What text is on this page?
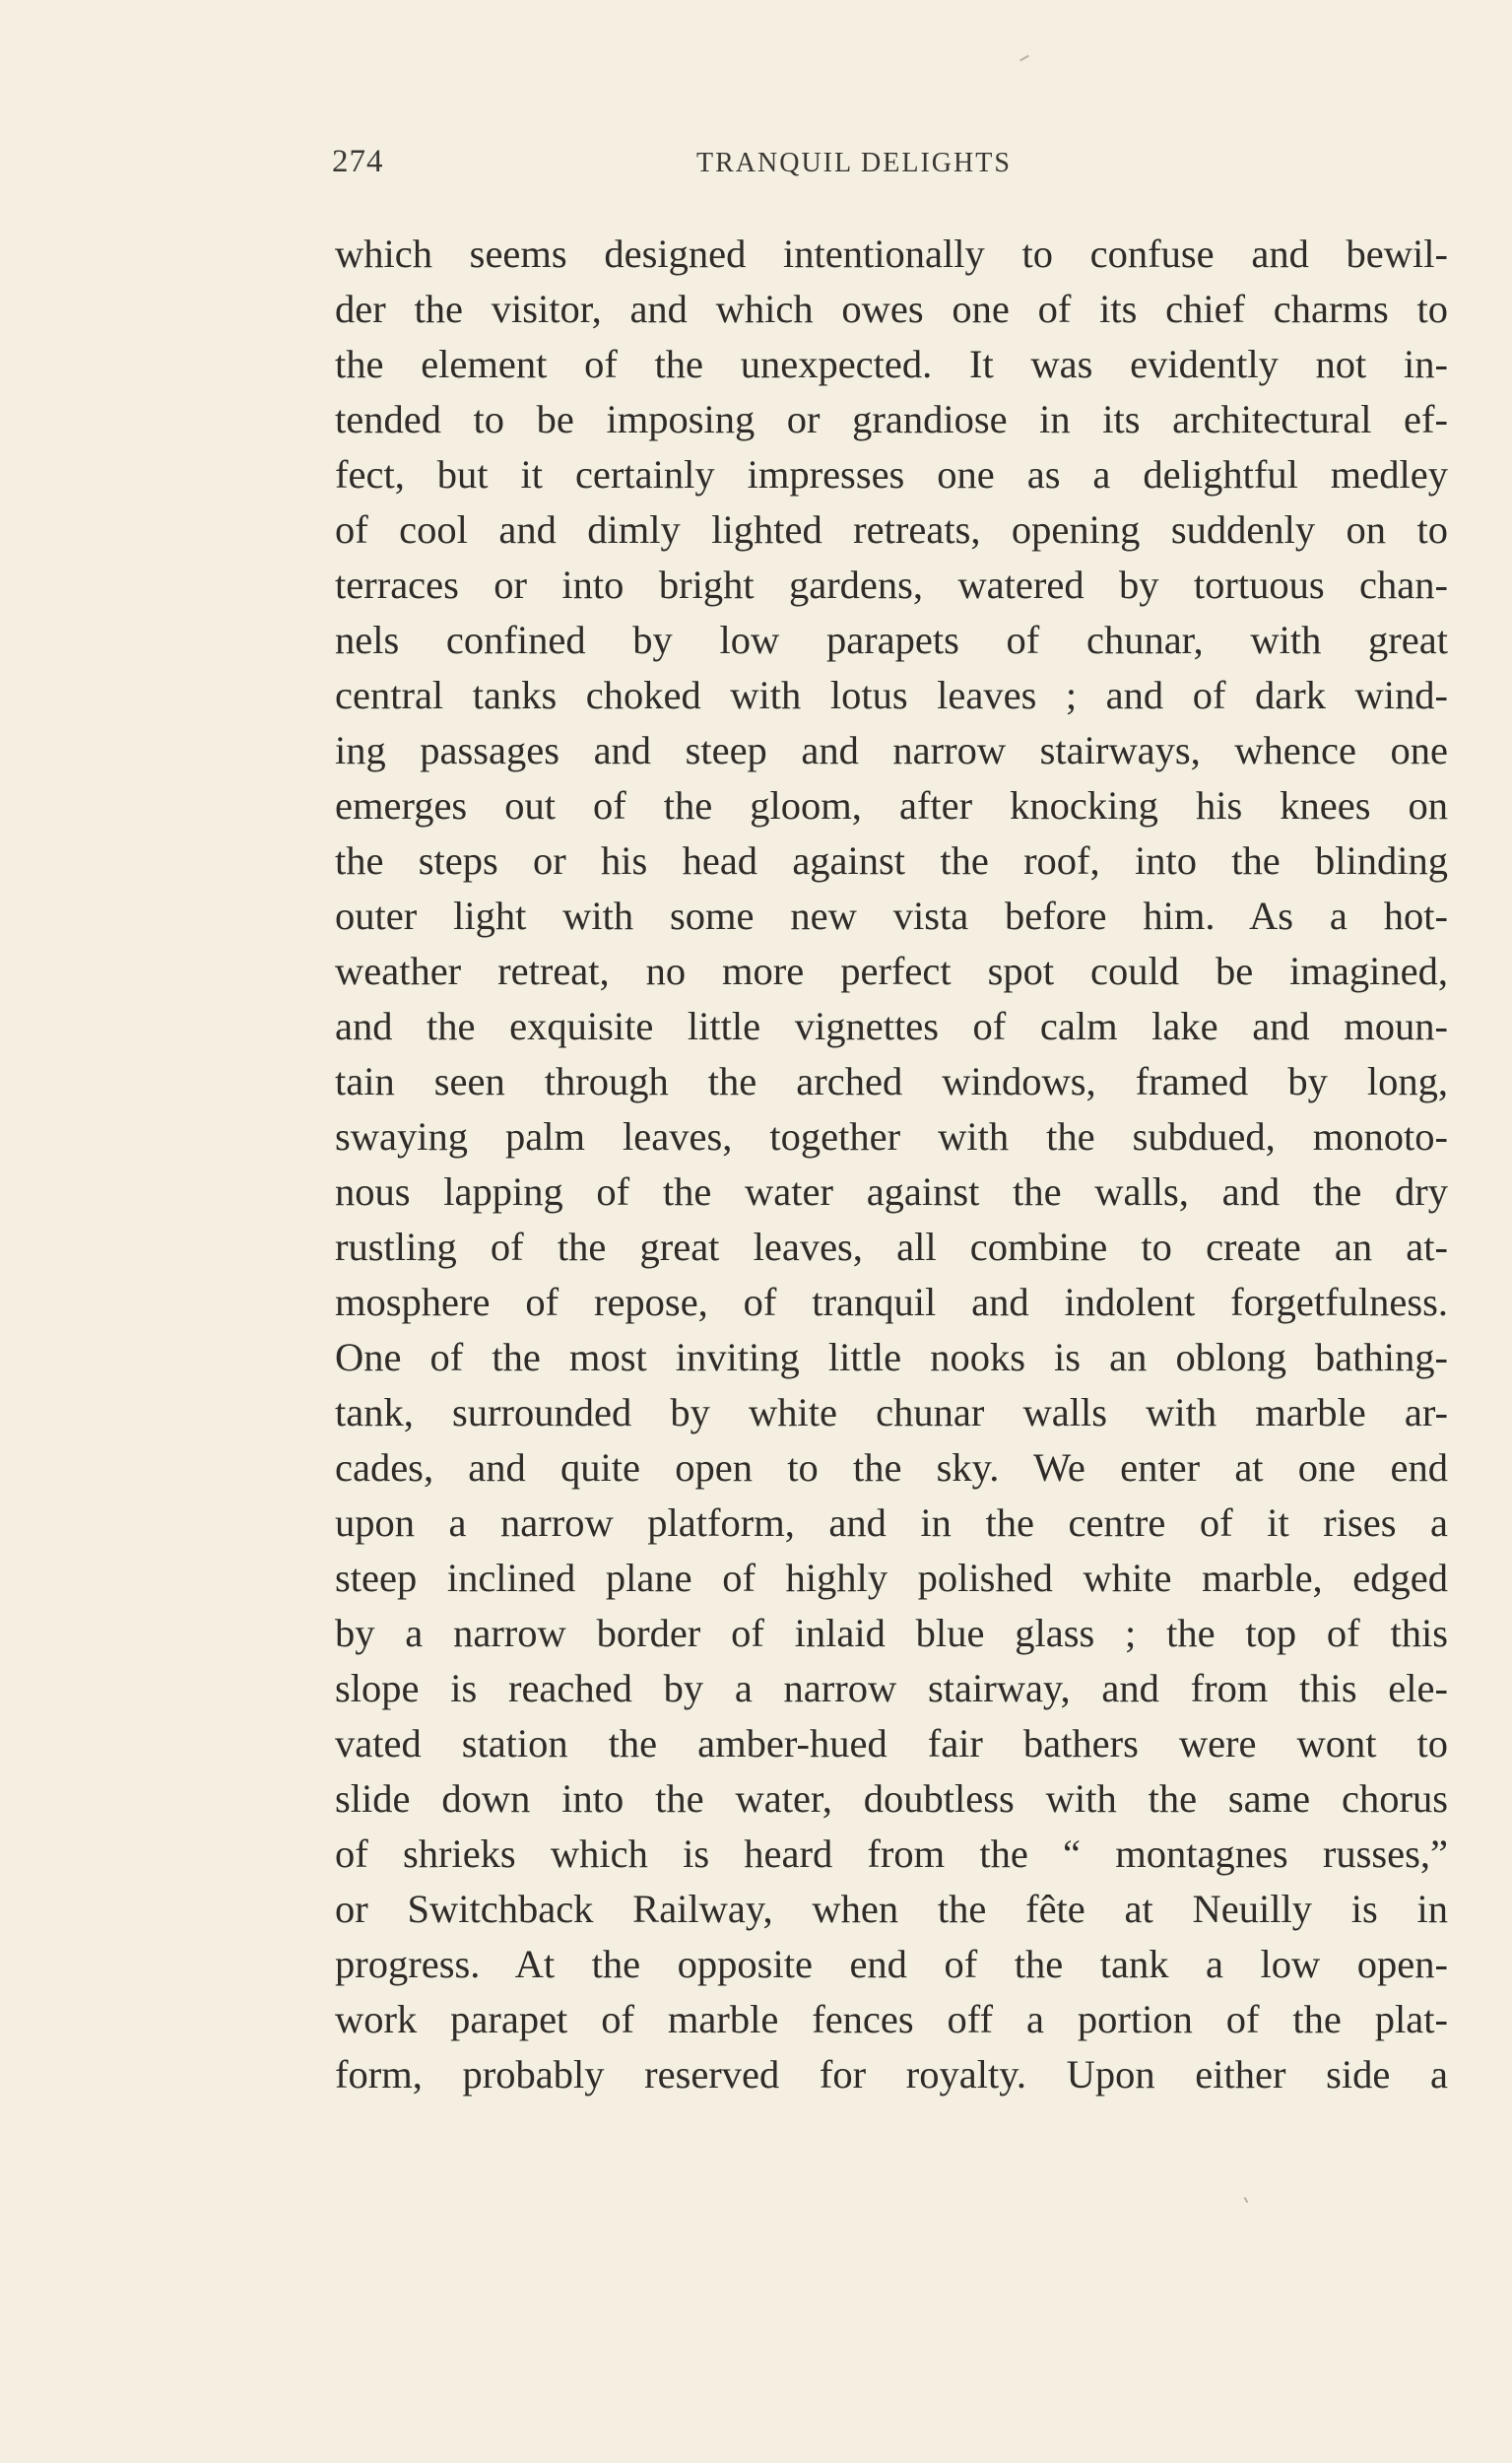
274	TRANQUIL DELIGHTS
which seems designed intentionally to confuse and bewil-
der the visitor, and which owes one of its chief charms to
the element of the unexpected. It was evidently not in-
tended to be imposing or grandiose in its architectural ef-
fect, but it certainly impresses one as a delightful medley
of cool and dimly lighted retreats, opening suddenly on to
terraces or into bright gardens, watered by tortuous chan-
nels confined by low parapets of chunar, with great
central tanks choked with lotus leaves ; and of dark wind-
ing passages and steep and narrow stairways, whence one
emerges out of the gloom, after knocking his knees on
the steps or his head against the roof, into the blinding
outer light with some new vista before him. As a hot-
weather retreat, no more perfect spot could be imagined,
and the exquisite little vignettes of calm lake and moun-
tain seen through the arched windows, framed by long,
swaying palm leaves, together with the subdued, monoto-
nous lapping of the water against the walls, and the dry
rustling of the great leaves, all combine to create an at-
mosphere of repose, of tranquil and indolent forgetfulness.
One of the most inviting little nooks is an oblong bathing-
tank, surrounded by white chunar walls with marble ar-
cades, and quite open to the sky. We enter at one end
upon a narrow platform, and in the centre of it rises a
steep inclined plane of highly polished white marble, edged
by a narrow border of inlaid blue glass ; the top of this
slope is reached by a narrow stairway, and from this ele-
vated station the amber-hued fair bathers were wont to
slide down into the water, doubtless with the same chorus
of shrieks which is heard from the “ montagnes russes,”
or Switchback Railway, when the fête at Neuilly is in
progress. At the opposite end of the tank a low open-
work parapet of marble fences off a portion of the plat-
form, probably reserved for royalty. Upon either side a
